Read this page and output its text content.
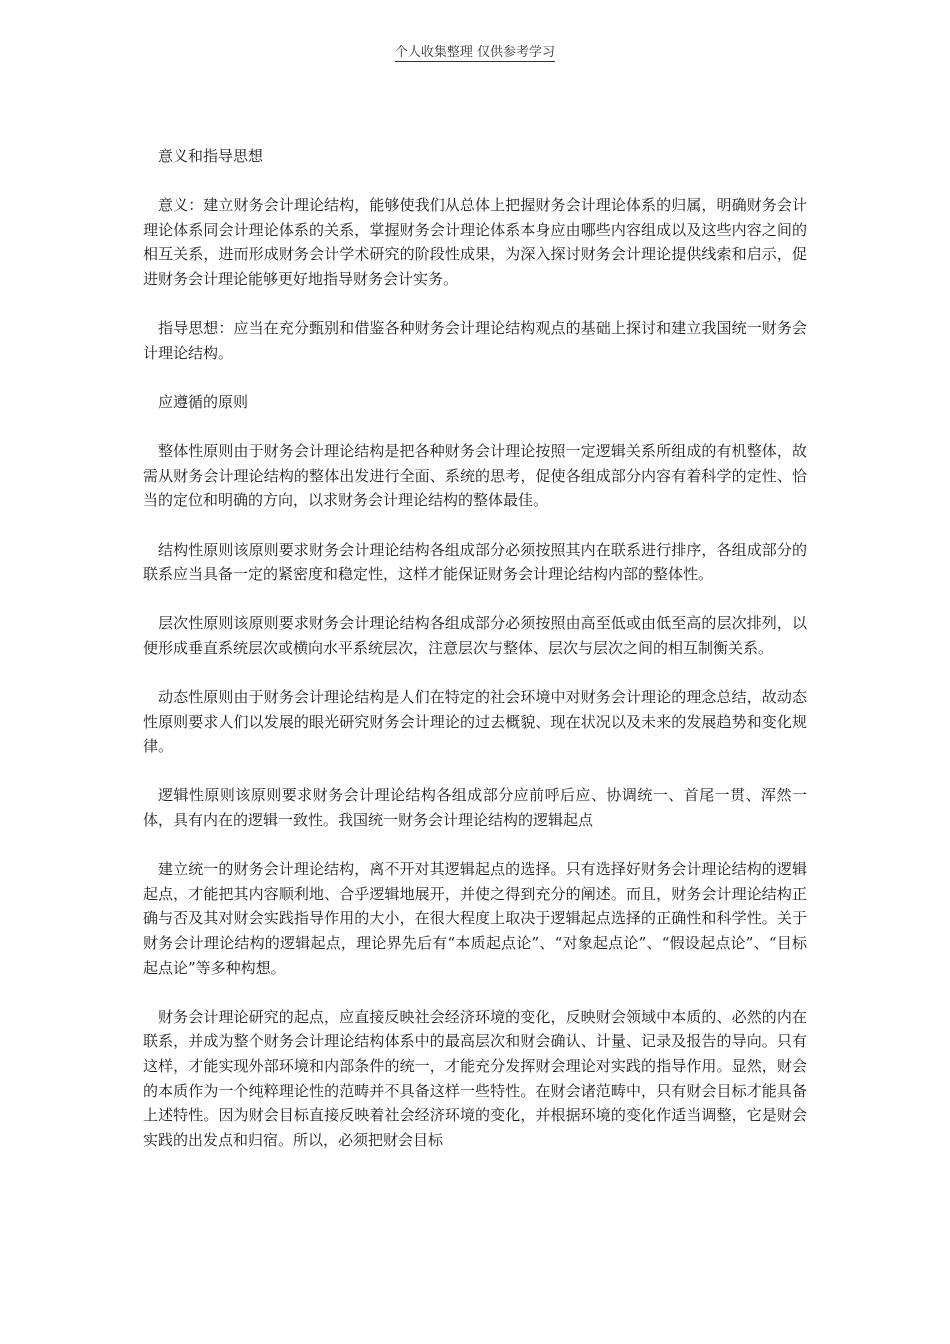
个人收集整理 仅供参考学习

意义和指导思想

意义：建立财务会计理论结构，能够使我们从总体上把握财务会计理论体系的归属，明确财务会计理论体系同会计理论体系的关系，掌握财务会计理论体系本身应由哪些内容组成以及这些内容之间的相互关系，进而形成财务会计学术研究的阶段性成果，为深入探讨财务会计理论提供线索和启示，促进财务会计理论能够更好地指导财务会计实务。

指导思想：应当在充分甄别和借鉴各种财务会计理论结构观点的基础上探讨和建立我国统一财务会计理论结构。

应遵循的原则

整体性原则由于财务会计理论结构是把各种财务会计理论按照一定逻辑关系所组成的有机整体，故需从财务会计理论结构的整体出发进行全面、系统的思考，促使各组成部分内容有着科学的定性、恰当的定位和明确的方向，以求财务会计理论结构的整体最佳。

结构性原则该原则要求财务会计理论结构各组成部分必须按照其内在联系进行排序，各组成部分的联系应当具备一定的紧密度和稳定性，这样才能保证财务会计理论结构内部的整体性。

层次性原则该原则要求财务会计理论结构各组成部分必须按照由高至低或由低至高的层次排列，以便形成垂直系统层次或横向水平系统层次，注意层次与整体、层次与层次之间的相互制衡关系。

动态性原则由于财务会计理论结构是人们在特定的社会环境中对财务会计理论的理念总结，故动态性原则要求人们以发展的眼光研究财务会计理论的过去概貌、现在状况以及未来的发展趋势和变化规律。

逻辑性原则该原则要求财务会计理论结构各组成部分应前呼后应、协调统一、首尾一贯、浑然一体，具有内在的逻辑一致性。我国统一财务会计理论结构的逻辑起点

建立统一的财务会计理论结构，离不开对其逻辑起点的选择。只有选择好财务会计理论结构的逻辑起点，才能把其内容顺利地、合乎逻辑地展开，并使之得到充分的阐述。而且，财务会计理论结构正确与否及其对财会实践指导作用的大小，在很大程度上取决于逻辑起点选择的正确性和科学性。关于财务会计理论结构的逻辑起点，理论界先后有“本质起点论”、“对象起点论”、“假设起点论”、“目标起点论”等多种构想。

财务会计理论研究的起点，应直接反映社会经济环境的变化，反映财会领域中本质的、必然的内在联系，并成为整个财务会计理论结构体系中的最高层次和财会确认、计量、记录及报告的导向。只有这样，才能实现外部环境和内部条件的统一，才能充分发挥财会理论对实践的指导作用。显然，财会的本质作为一个纯粹理论性的范畴并不具备这样一些特性。在财会诸范畴中，只有财会目标才能具备上述特性。因为财会目标直接反映着社会经济环境的变化，并根据环境的变化作适当调整，它是财会实践的出发点和归宿。所以，必须把财会目标
